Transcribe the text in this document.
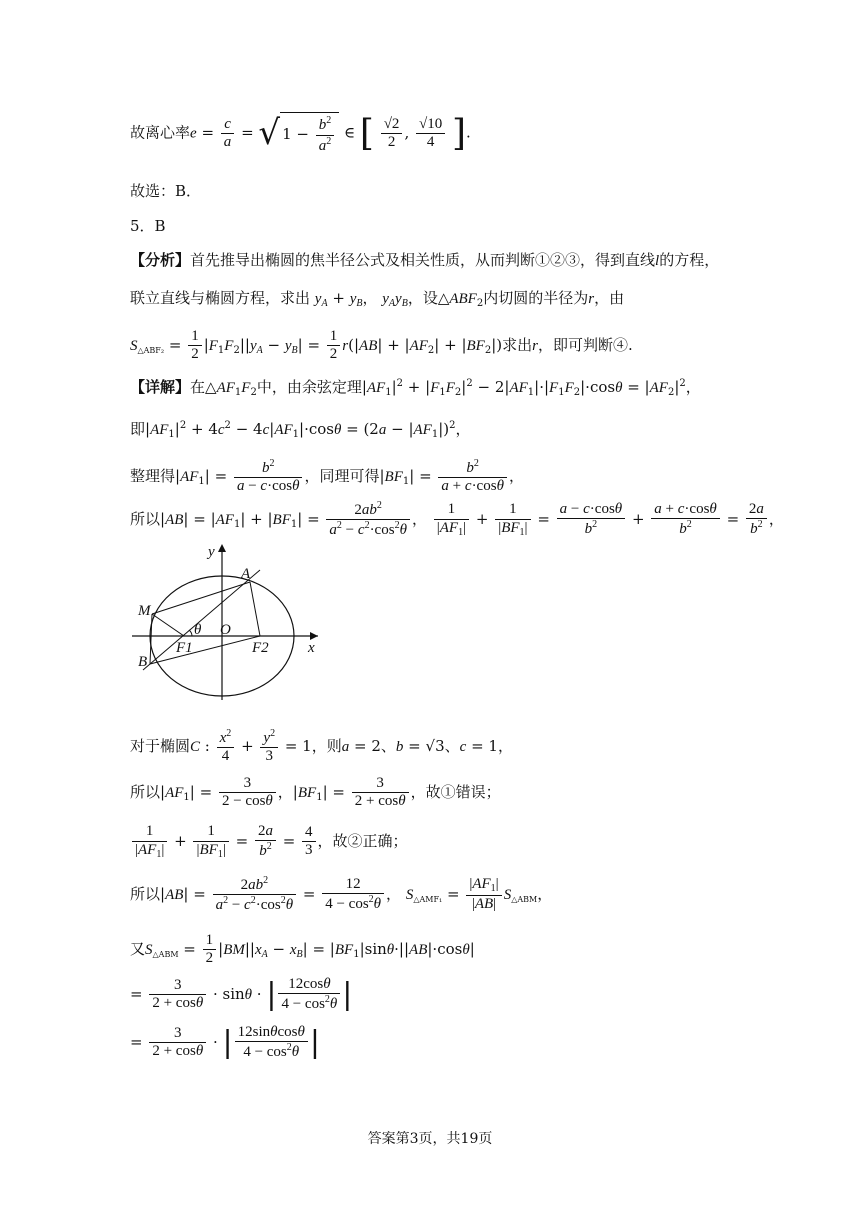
故离心率$e = \frac{c}{a}$ = √ $1 - \frac{b^2}{a^2}$ ∈ [ $\frac{√2}{2}$ , $\frac{√10}{4}$ ].
故选：B．
5．B
【分析】首先推导出椭圆的焦半径公式及相关性质，从而判断①②③，得到直线l的方程，
联立直线与椭圆方程，求出 $y_A + y_B$， $y_Ay_B$，设$\triangle ABF_2$内切圆的半径为r，由
$S_{\triangle ABF_2} = \frac{1}{2} |F_1F_2||y_A - y_B| = \frac{1}{2} r(|AB| + |AF_2| + |BF_2|)$求出r，即可判断④.
【详解】在$\triangle AF_1F_2$中，由余弦定理$|AF_1|^2 + |F_1F_2|^2 - 2|AF_1|\cdot|F_1F_2|\cdot\cos\theta = |AF_2|^2$，
即$|AF_1|^2 + 4c^2 - 4c|AF_1|\cdot\cos\theta = (2a - |AF_1|)^2$，
整理得$|AF_1| = \frac{b^2}{a - c\cdot\cos\theta}$ ，同理可得$|BF_1| = \frac{b^2}{a + c\cdot\cos\theta}$ ，
所以$|AB| = |AF_1| + |BF_1| = \frac{2ab^2}{a^2 - c^2\cdot\cos^2\theta}$ ， $\frac{1}{|AF_1|} + \frac{1}{|BF_1|} = \frac{a - c\cdot\cos\theta}{b^2} + \frac{a + c\cdot\cos\theta}{b^2} = \frac{2a}{b^2}$ ，
y
A
M
θ O
F1
B
F2	x
对于椭圆C : $\frac{x^2}{4} + \frac{y^2}{3} = 1$，则a = 2、b = √3、c = 1，
所以$|AF_1| = \frac{3}{2 - \cos\theta}$ ，$|BF_1| = \frac{3}{2 + \cos\theta}$ ，故①错误；
$\frac{1}{|AF_1|} + \frac{1}{|BF_1|} = \frac{2a}{b^2} = \frac{4}{3}$ ，故②正确；
所以$|AB| = \frac{2ab^2}{a^2 - c^2\cdot\cos^2\theta} = \frac{12}{4 - \cos^2\theta}$ ， $S_{\triangle AMF_1} = \frac{|AF_1|}{|AB|} S_{\triangle ABM}$，
又$S_{\triangle ABM} = \frac{1}{2} |BM||x_A - x_B| = |BF_1|\sin\theta\cdot||AB|\cdot\cos\theta|$
= $\frac{3}{2 + \cos\theta} \cdot \sin\theta$ · | $\frac{12\cos\theta}{4 - \cos^2\theta}$ |
= $\frac{3}{2 + \cos\theta}$ · | $\frac{12\sin\theta\cos\theta}{4 - \cos^2\theta}$ |
答案第3页，共19页
